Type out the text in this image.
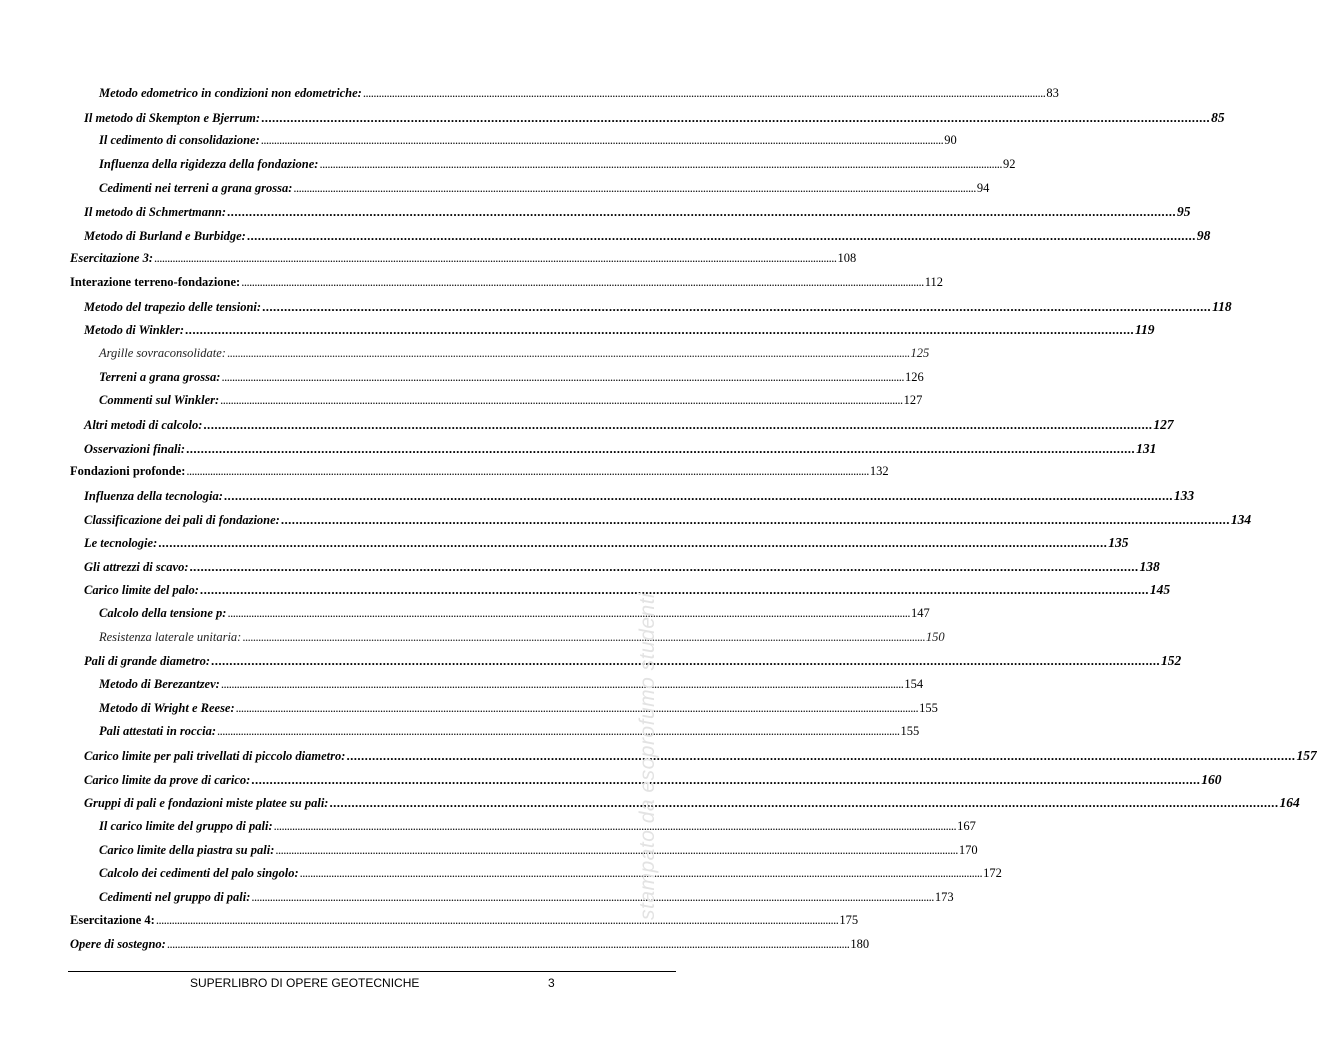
Metodo edometrico in condizioni non edometriche: .................................................................................................................................................................................................................................................................... 83
Il metodo di Skempton e Bjerrum: .................................................................................................................................................................................................................................................................... 85
Il cedimento di consolidazione: .................................................................................................................................................................................................................................................................... 90
Influenza della rigidezza della fondazione: .................................................................................................................................................................................................................................................................... 92
Cedimenti nei terreni a grana grossa: .................................................................................................................................................................................................................................................................... 94
Il metodo di Schmertmann: .................................................................................................................................................................................................................................................................... 95
Metodo di Burland e Burbidge: .................................................................................................................................................................................................................................................................... 98
Esercitazione 3: .................................................................................................................................................................................................................................................................... 108
Interazione terreno-fondazione: .................................................................................................................................................................................................................................................................... 112
Metodo del trapezio delle tensioni: .................................................................................................................................................................................................................................................................... 118
Metodo di Winkler: .................................................................................................................................................................................................................................................................... 119
Argille sovraconsolidate: .................................................................................................................................................................................................................................................................... 125
Terreni a grana grossa: .................................................................................................................................................................................................................................................................... 126
Commenti sul Winkler: .................................................................................................................................................................................................................................................................... 127
Altri metodi di calcolo: .................................................................................................................................................................................................................................................................... 127
Osservazioni finali: .................................................................................................................................................................................................................................................................... 131
Fondazioni profonde: .................................................................................................................................................................................................................................................................... 132
Influenza della tecnologia: .................................................................................................................................................................................................................................................................... 133
Classificazione dei pali di fondazione: .................................................................................................................................................................................................................................................................... 134
Le tecnologie: .................................................................................................................................................................................................................................................................... 135
Gli attrezzi di scavo: .................................................................................................................................................................................................................................................................... 138
Carico limite del palo: .................................................................................................................................................................................................................................................................... 145
Calcolo della tensione p: .................................................................................................................................................................................................................................................................... 147
Resistenza laterale unitaria: .................................................................................................................................................................................................................................................................... 150
Pali di grande diametro: .................................................................................................................................................................................................................................................................... 152
Metodo di Berezantzev: .................................................................................................................................................................................................................................................................... 154
Metodo di Wright e Reese: .................................................................................................................................................................................................................................................................... 155
Pali attestati in roccia: .................................................................................................................................................................................................................................................................... 155
Carico limite per pali trivellati di piccolo diametro: .................................................................................................................................................................................................................................................................... 157
Carico limite da prove di carico: .................................................................................................................................................................................................................................................................... 160
Gruppi di pali e fondazioni miste platee su pali: .................................................................................................................................................................................................................................................................... 164
Il carico limite del gruppo di pali: .................................................................................................................................................................................................................................................................... 167
Carico limite della piastra su pali: .................................................................................................................................................................................................................................................................... 170
Calcolo dei cedimenti del palo singolo: .................................................................................................................................................................................................................................................................... 172
Cedimenti nel gruppo di pali: .................................................................................................................................................................................................................................................................... 173
Esercitazione 4: .................................................................................................................................................................................................................................................................... 175
Opere di sostegno: .................................................................................................................................................................................................................................................................... 180
SUPERLIBRO DI OPERE GEOTECNICHE	3
stampato da esoprofumo studenti
